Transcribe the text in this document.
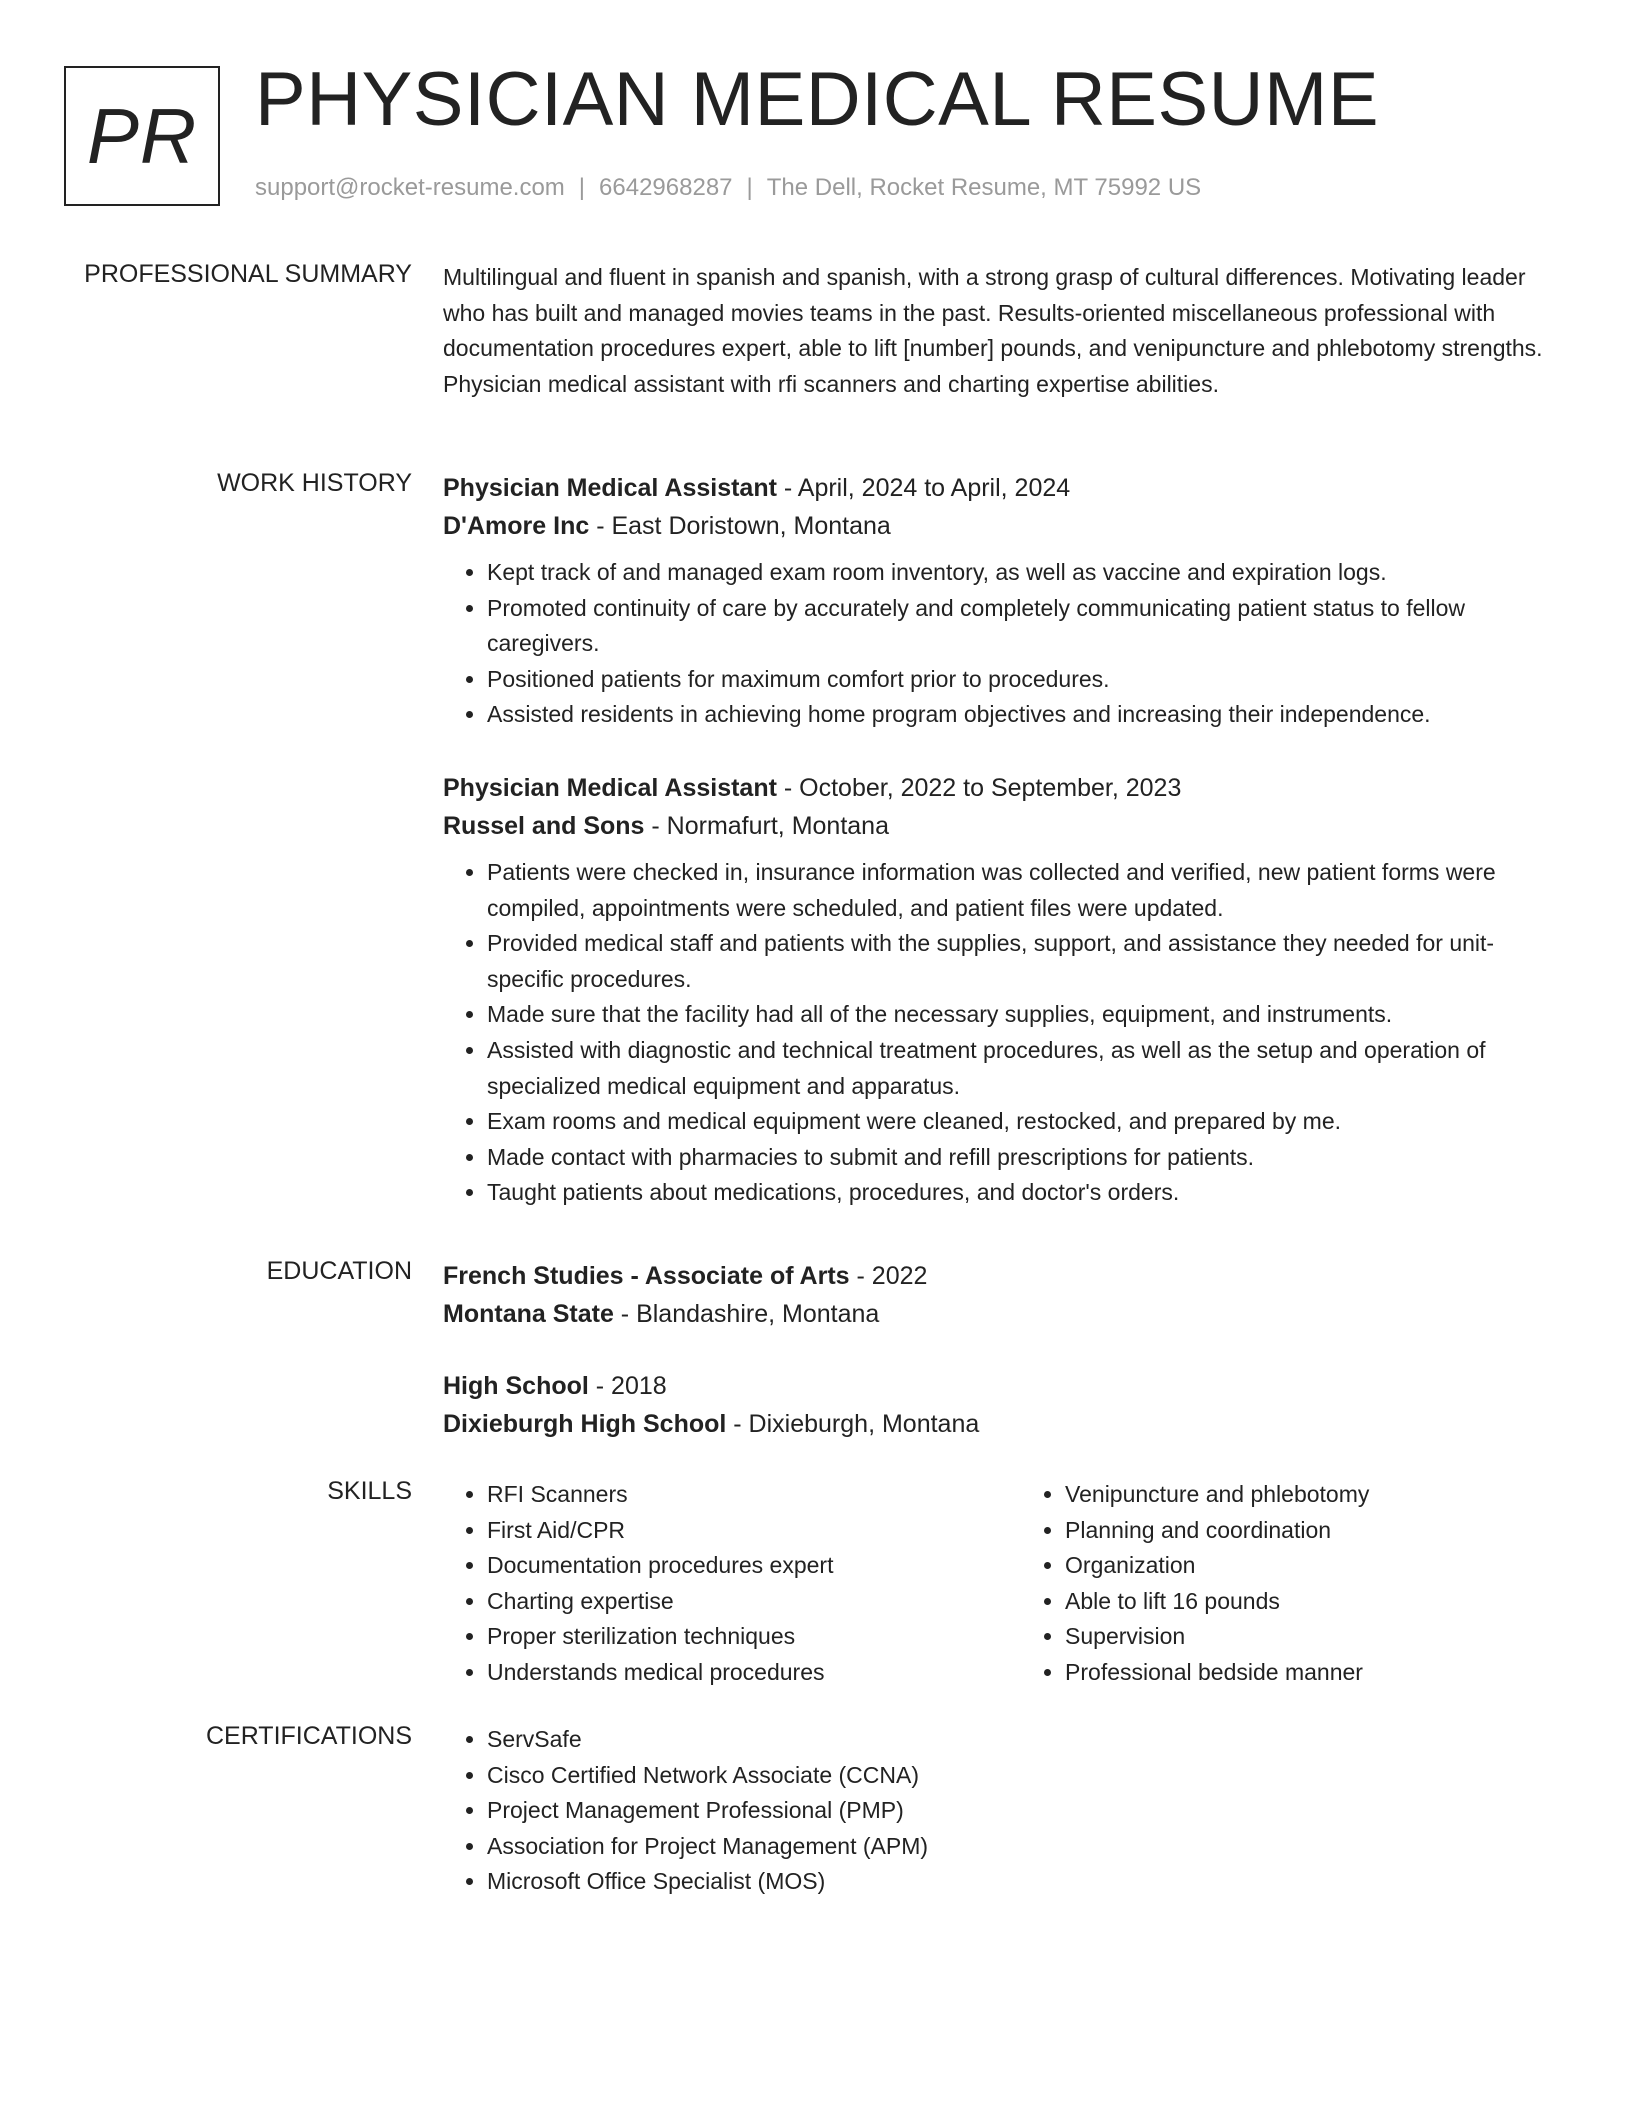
PR PHYSICIAN MEDICAL RESUME
support@rocket-resume.com | 6642968287 | The Dell, Rocket Resume, MT 75992 US
PROFESSIONAL SUMMARY Multilingual and fluent in spanish and spanish, with a strong grasp of cultural differences. Motivating leader who has built and managed movies teams in the past. Results-oriented miscellaneous professional with documentation procedures expert, able to lift [number] pounds, and venipuncture and phlebotomy strengths. Physician medical assistant with rfi scanners and charting expertise abilities.

WORK HISTORY Physician Medical Assistant - April, 2024 to April, 2024
D'Amore Inc - East Doristown, Montana
• Kept track of and managed exam room inventory, as well as vaccine and expiration logs.
• Promoted continuity of care by accurately and completely communicating patient status to fellow caregivers.
• Positioned patients for maximum comfort prior to procedures.
• Assisted residents in achieving home program objectives and increasing their independence.
Physician Medical Assistant - October, 2022 to September, 2023
Russel and Sons - Normafurt, Montana
• Patients were checked in, insurance information was collected and verified, new patient forms were compiled, appointments were scheduled, and patient files were updated.
• Provided medical staff and patients with the supplies, support, and assistance they needed for unit-specific procedures.
• Made sure that the facility had all of the necessary supplies, equipment, and instruments.
• Assisted with diagnostic and technical treatment procedures, as well as the setup and operation of specialized medical equipment and apparatus.
• Exam rooms and medical equipment were cleaned, restocked, and prepared by me.
• Made contact with pharmacies to submit and refill prescriptions for patients.
• Taught patients about medications, procedures, and doctor's orders.
EDUCATION French Studies - Associate of Arts - 2022
Montana State - Blandashire, Montana
High School - 2018
Dixieburgh High School - Dixieburgh, Montana
SKILLS	• RFI Scanners
• First Aid/CPR
• Documentation procedures expert
• Charting expertise
• Proper sterilization techniques
• Understands medical procedures
• Venipuncture and phlebotomy
• Planning and coordination
• Organization
• Able to lift 16 pounds
• Supervision
• Professional bedside manner
CERTIFICATIONS	• ServSafe
• Cisco Certified Network Associate (CCNA)
• Project Management Professional (PMP)
• Association for Project Management (APM)
• Microsoft Office Specialist (MOS)
